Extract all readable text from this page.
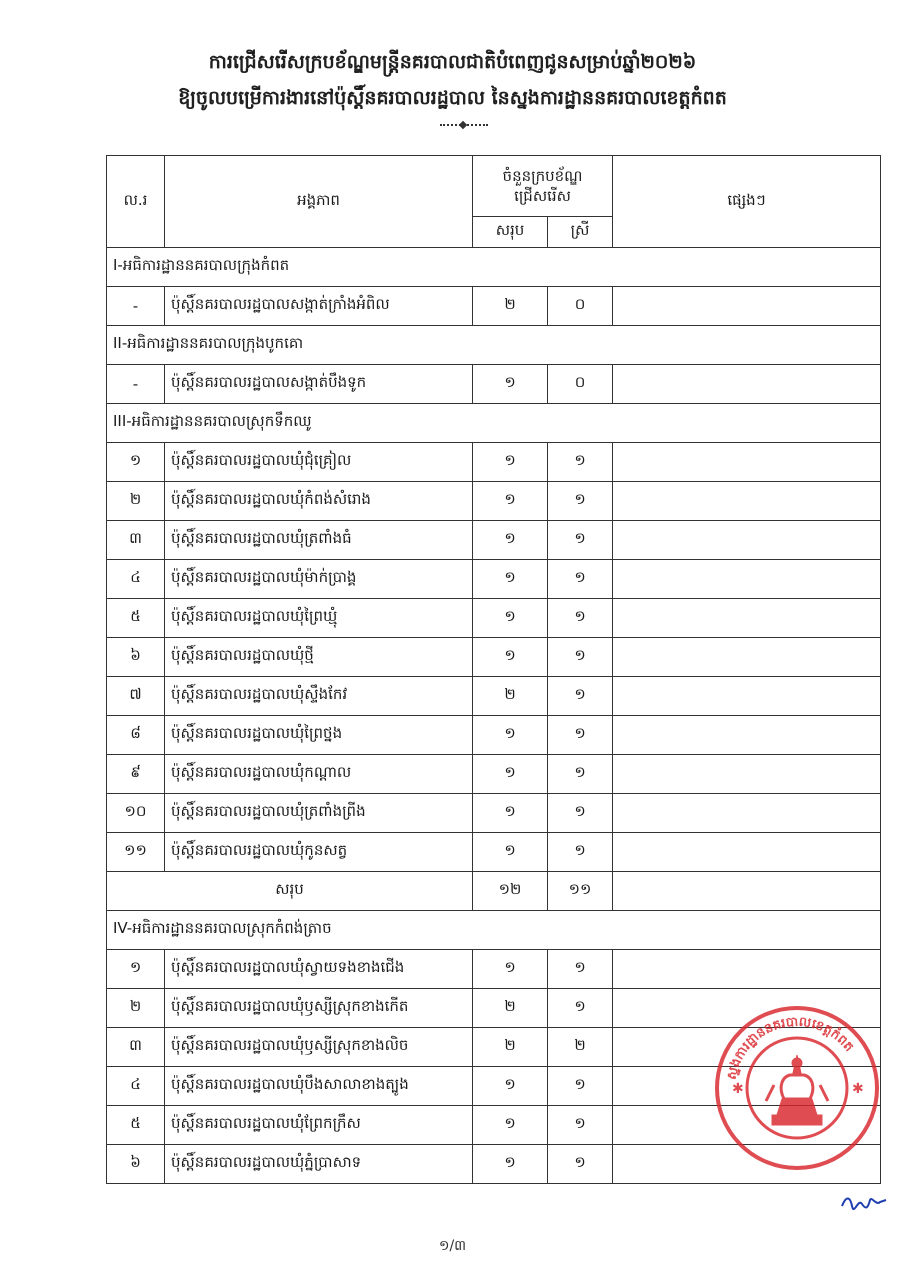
ការជ្រើសរើសក្របខ័ណ្ឌមន្ត្រីនគរបាលជាតិបំពេញជូនសម្រាប់ឆ្នាំ២០២៦
ឱ្យចូលបម្រើការងារនៅប៉ុស្តិ៍នគរបាលរដ្ឋបាល នៃស្នងការដ្ឋាននគរបាលខេត្តកំពត
ល.រ	អង្គភាព	ចំនួនក្របខ័ណ្ឌ ជ្រើសរើស		ផ្សេងៗ
		សរុប	ស្រី	
I-អធិការដ្ឋាននគរបាលក្រុងកំពត				
-	ប៉ុស្តិ៍នគរបាលរដ្ឋបាលសង្កាត់ក្រាំងអំពិល	២	០	
II-អធិការដ្ឋាននគរបាលក្រុងបូកគោ				
-	ប៉ុស្តិ៍នគរបាលរដ្ឋបាលសង្កាត់បឹងទូក	១	០	
III-អធិការដ្ឋាននគរបាលស្រុកទឹកឈូ				
១	ប៉ុស្តិ៍នគរបាលរដ្ឋបាលឃុំជុំគ្រៀល	១	១	
២	ប៉ុស្តិ៍នគរបាលរដ្ឋបាលឃុំកំពង់សំរោង	១	១	
៣	ប៉ុស្តិ៍នគរបាលរដ្ឋបាលឃុំត្រពាំងធំ	១	១	
៤	ប៉ុស្តិ៍នគរបាលរដ្ឋបាលឃុំម៉ាក់ប្រាង្គ	១	១	
៥	ប៉ុស្តិ៍នគរបាលរដ្ឋបាលឃុំព្រៃឃ្មុំ	១	១	
៦	ប៉ុស្តិ៍នគរបាលរដ្ឋបាលឃុំថ្មី	១	១	
៧	ប៉ុស្តិ៍នគរបាលរដ្ឋបាលឃុំស្ទឹងកែវ	២	១	
៨	ប៉ុស្តិ៍នគរបាលរដ្ឋបាលឃុំព្រៃថ្នង	១	១	
៩	ប៉ុស្តិ៍នគរបាលរដ្ឋបាលឃុំកណ្តាល	១	១	
១០	ប៉ុស្តិ៍នគរបាលរដ្ឋបាលឃុំត្រពាំងព្រីង	១	១	
១១	ប៉ុស្តិ៍នគរបាលរដ្ឋបាលឃុំកូនសត្វ	១	១	
សរុប		១២	១១	
IV-អធិការដ្ឋាននគរបាលស្រុកកំពង់ត្រាច				
១	ប៉ុស្តិ៍នគរបាលរដ្ឋបាលឃុំស្វាយទងខាងជើង	១	១	
២	ប៉ុស្តិ៍នគរបាលរដ្ឋបាលឃុំឫស្សីស្រុកខាងកើត	២	១	
៣	ប៉ុស្តិ៍នគរបាលរដ្ឋបាលឃុំឫស្សីស្រុកខាងលិច	២	២	
៤	ប៉ុស្តិ៍នគរបាលរដ្ឋបាលឃុំបឹងសាលាខាងត្បូង	១	១	
៥	ប៉ុស្តិ៍នគរបាលរដ្ឋបាលឃុំព្រែកក្រឹស	១	១	
៦	ប៉ុស្តិ៍នគរបាលរដ្ឋបាលឃុំភ្នំប្រាសាទ	១	១	
ស្នងការដ្ឋាននគរបាលខេត្តកំពត
✱	✱
១/៣
